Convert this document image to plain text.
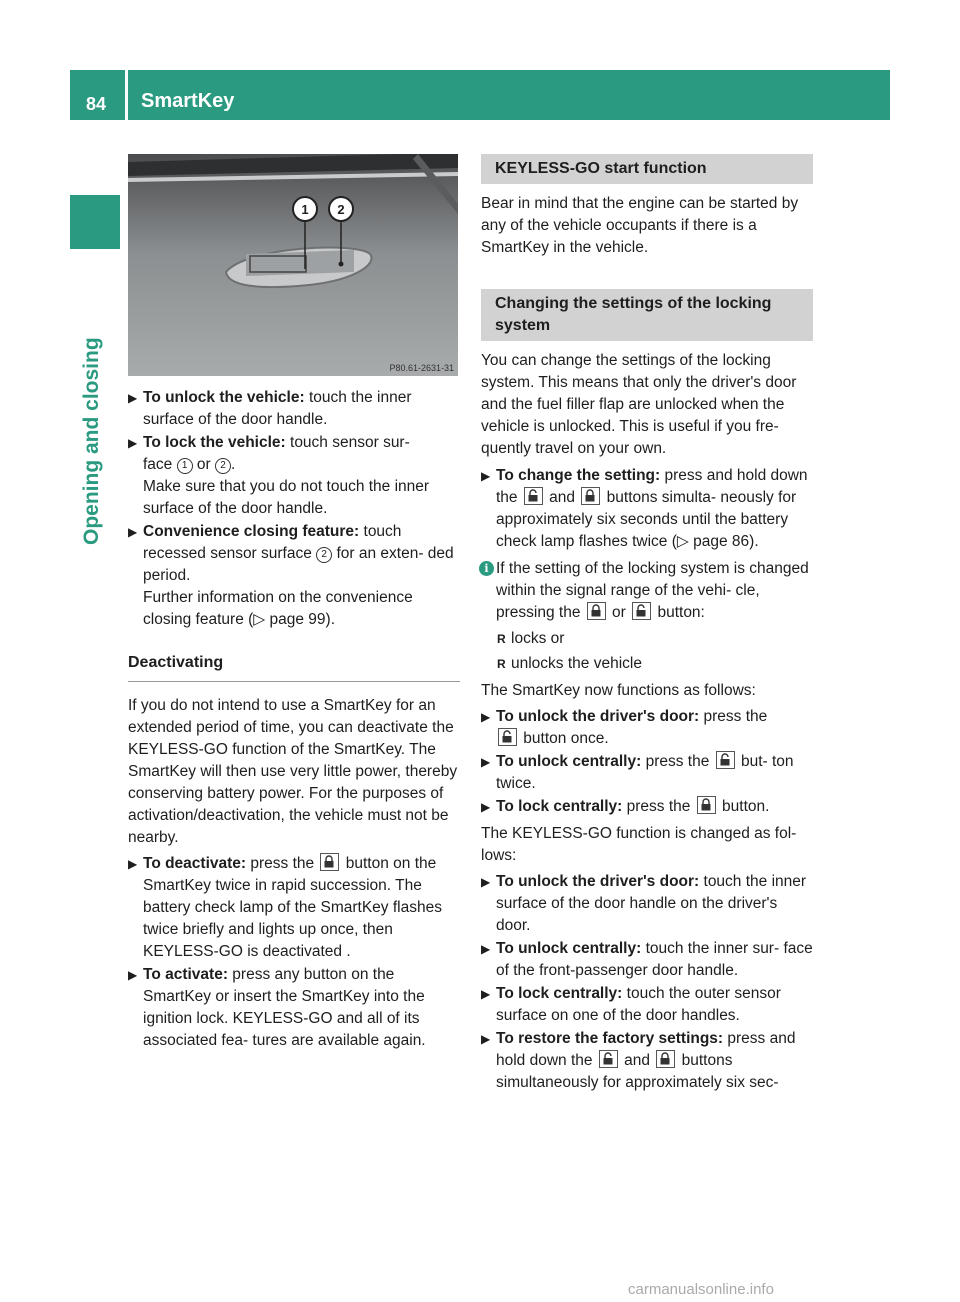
84 SmartKey
Opening and closing
1 2
P80.61-2631-31
▶ To unlock the vehicle: touch the inner surface of the door handle.
▶ To lock the vehicle: touch sensor sur-
face 1 or 2 .
Make sure that you do not touch the inner surface of the door handle.
▶ Convenience closing feature: touch recessed sensor surface 2 for an exten- ded period.
Further information on the convenience closing feature (▷ page 99).
Deactivating

If you do not intend to use a SmartKey for an extended period of time, you can deactivate the KEYLESS-GO function of the SmartKey. The SmartKey will then use very little power, thereby conserving battery power. For the purposes of activation/deactivation, the vehicle must not be nearby.

▶ To deactivate: press the
button on the SmartKey twice in rapid succession. The battery check lamp of the SmartKey flashes twice briefly and lights up once, then KEYLESS-GO is deactivated .
▶ To activate: press any button on the SmartKey or insert the SmartKey into the ignition lock. KEYLESS-GO and all of its associated fea- tures are available again.
KEYLESS-GO start function

Bear in mind that the engine can be started by any of the vehicle occupants if there is a SmartKey in the vehicle.

Changing the settings of the locking system

You can change the settings of the locking system. This means that only the driver's door and the fuel filler flap are unlocked when the vehicle is unlocked. This is useful if you fre- quently travel on your own.

▶ To change the setting: press and hold down the
and
buttons simulta- neously for approximately six seconds until the battery check lamp flashes twice (▷ page 86).
i If the setting of the locking system is changed within the signal range of the vehi- cle, pressing the
or
button:
R locks or
R unlocks the vehicle

The SmartKey now functions as follows:

▶ To unlock the driver's door: press the

button once.
▶ To unlock centrally: press the
but- ton twice.
▶ To lock centrally: press the
button.

The KEYLESS-GO function is changed as fol- lows:

▶ To unlock the driver's door: touch the inner surface of the door handle on the driver's door.
▶ To unlock centrally: touch the inner sur- face of the front-passenger door handle.
▶ To lock centrally: touch the outer sensor surface on one of the door handles.
▶ To restore the factory settings: press and hold down the
and
buttons simultaneously for approximately six sec-
carmanualsonline.info
